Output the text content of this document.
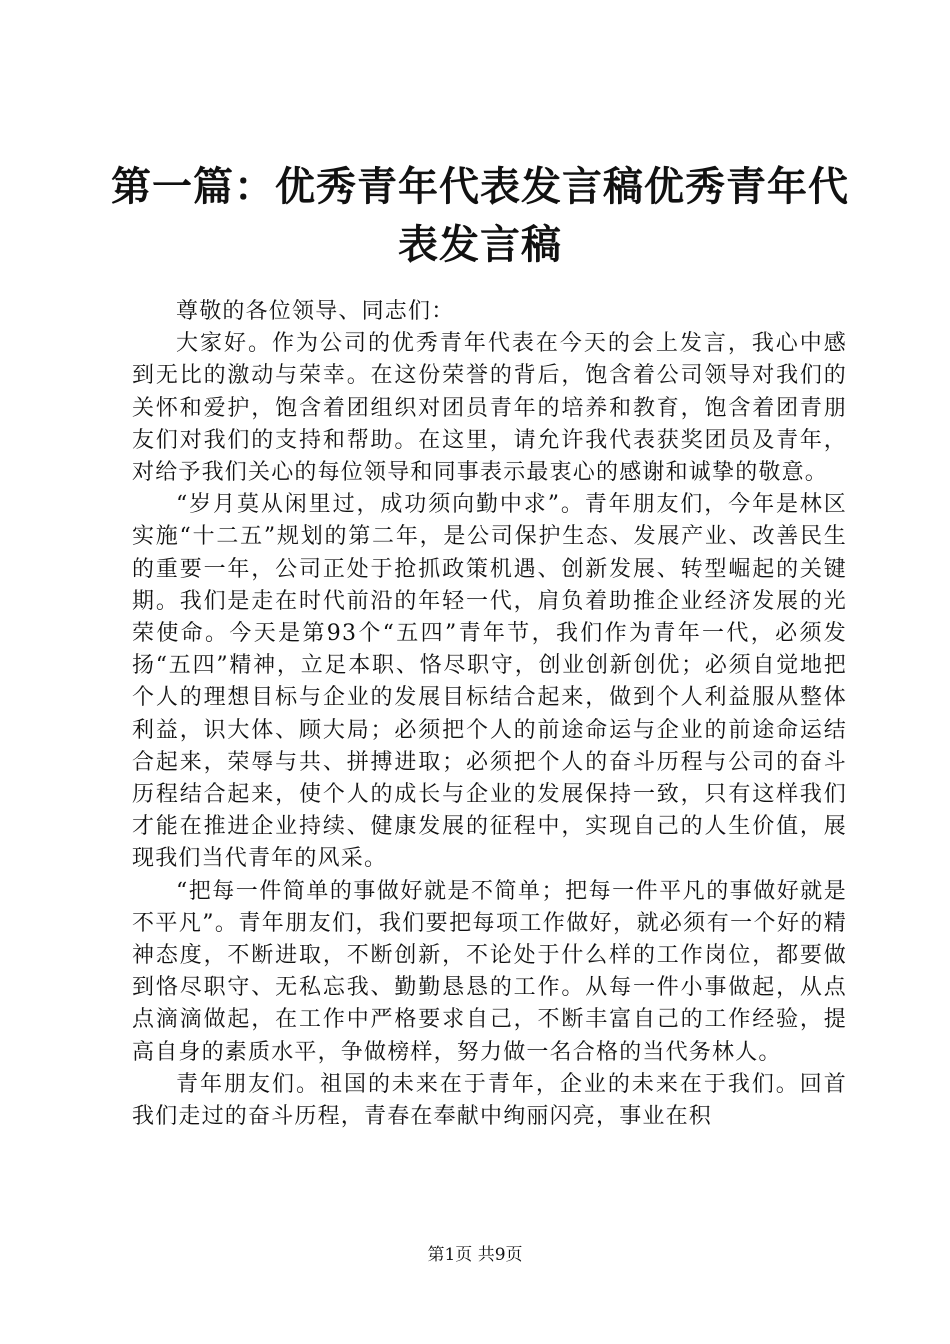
第一篇：优秀青年代表发言稿优秀青年代表发言稿

尊敬的各位领导、同志们：

大家好。作为公司的优秀青年代表在今天的会上发言，我心中感到无比的激动与荣幸。在这份荣誉的背后，饱含着公司领导对我们的关怀和爱护，饱含着团组织对团员青年的培养和教育，饱含着团青朋友们对我们的支持和帮助。在这里，请允许我代表获奖团员及青年，对给予我们关心的每位领导和同事表示最衷心的感谢和诚挚的敬意。

“岁月莫从闲里过，成功须向勤中求”。青年朋友们，今年是林区实施“十二五”规划的第二年，是公司保护生态、发展产业、改善民生的重要一年，公司正处于抢抓政策机遇、创新发展、转型崛起的关键期。我们是走在时代前沿的年轻一代，肩负着助推企业经济发展的光荣使命。今天是第93个“五四”青年节，我们作为青年一代，必须发扬“五四”精神，立足本职、恪尽职守，创业创新创优；必须自觉地把个人的理想目标与企业的发展目标结合起来，做到个人利益服从整体利益，识大体、顾大局；必须把个人的前途命运与企业的前途命运结合起来，荣辱与共、拼搏进取；必须把个人的奋斗历程与公司的奋斗历程结合起来，使个人的成长与企业的发展保持一致，只有这样我们才能在推进企业持续、健康发展的征程中，实现自己的人生价值，展现我们当代青年的风采。

“把每一件简单的事做好就是不简单；把每一件平凡的事做好就是不平凡”。青年朋友们，我们要把每项工作做好，就必须有一个好的精神态度，不断进取，不断创新，不论处于什么样的工作岗位，都要做到恪尽职守、无私忘我、勤勤恳恳的工作。从每一件小事做起，从点点滴滴做起，在工作中严格要求自己，不断丰富自己的工作经验，提高自身的素质水平，争做榜样，努力做一名合格的当代务林人。

青年朋友们。祖国的未来在于青年，企业的未来在于我们。回首我们走过的奋斗历程，青春在奉献中绚丽闪亮，事业在积

第1页 共9页
